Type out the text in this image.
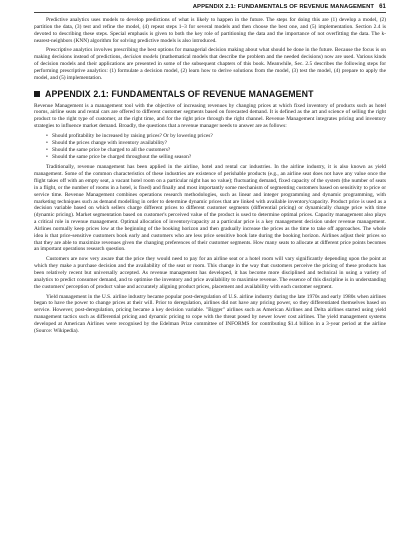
APPENDIX 2.1: FUNDAMENTALS OF REVENUE MANAGEMENT 61

Predictive analytics uses models to develop predictions of what is likely to happen in the future. The steps for doing this are (1) develop a model, (2) partition the data, (3) test and refine the model, (4) repeat steps 1–3 for several models and then choose the best one, and (5) implementation. Section 2.4 is devoted to describing these steps. Special emphasis is given to both the key role of partitioning the data and the importance of not overfitting the data. The k-nearest-neighbors (KNN) algorithm for solving predictive models is also introduced.

Prescriptive analytics involves prescribing the best options for managerial decision making about what should be done in the future. Because the focus is on making decisions instead of predictions, decision models (mathematical models that describe the problem and the needed decisions) now are used. Various kinds of decision models and their applications are presented in some of the subsequent chapters of this book. Meanwhile, Sec. 2.5 describes the following steps for performing prescriptive analytics: (1) formulate a decision model, (2) learn how to derive solutions from the model, (3) test the model, (4) prepare to apply the model, and (5) implementation.

APPENDIX 2.1: FUNDAMENTALS OF REVENUE MANAGEMENT

Revenue Management is a management tool with the objective of increasing revenues by changing prices at which fixed inventory of products such as hotel rooms, airline seats and rental cars are offered to different customer segments based on forecasted demand. It is defined as the art and science of selling the right product to the right type of customer, at the right time, and for the right price through the right channel. Revenue Management integrates pricing and inventory strategies to influence market demand. Broadly, the questions that a revenue manager needs to answer are as follows:

• Should profitability be increased by raising prices? Or by lowering prices?
• Should the prices change with inventory availability?
• Should the same price be charged to all the customers?
• Should the same price be charged throughout the selling season?

Traditionally, revenue management has been applied in the airline, hotel and rental car industries. In the airline industry, it is also known as yield management. Some of the common characteristics of these industries are existence of perishable products (e.g., an airline seat does not have any value once the flight takes off with an empty seat, a vacant hotel room on a particular night has no value); fluctuating demand, fixed capacity of the system (the number of seats in a flight, or the number of rooms in a hotel, is fixed) and finally and most importantly some mechanism of segmenting customers based on sensitivity to price or service time. Revenue Management combines operations research methodologies, such as linear and integer programming and dynamic programming, with marketing techniques such as demand modelling in order to determine dynamic prices that are linked with available inventory/capacity. Product price is used as a decision variable based on which sellers charge different prices to different customer segments (differential pricing) or dynamically change price with time (dynamic pricing). Market segmentation based on customer's perceived value of the product is used to determine optimal prices. Capacity management also plays a critical role in revenue management. Optimal allocation of inventory/capacity at a particular price is a key management decision under revenue management. Airlines normally keep prices low at the beginning of the booking horizon and then gradually increase the prices as the time to take off approaches. The whole idea is that price-sensitive customers book early and customers who are less price sensitive book late during the booking horizon. Airlines adjust their prices so that they are able to maximize revenues given the changing preferences of their customer segments. How many seats to allocate at different price points becomes an important operations research question.

Customers are now very aware that the price they would need to pay for an airline seat or a hotel room will vary significantly depending upon the point at which they make a purchase decision and the availability of the seat or room. This change in the way that customers perceive the pricing of these products has been relatively recent but universally accepted. As revenue management has developed, it has become more disciplined and technical in using a variety of analytics to predict consumer demand, and to optimise the inventory and price availability to maximise revenue. The essence of this discipline is in understanding the customers' perception of product value and accurately aligning product prices, placement and availability with each customer segment.

Yield management in the U.S. airline industry became popular post-deregulation of U.S. airline industry during the late 1970s and early 1980s when airlines began to have the power to change prices at their will. Prior to deregulation, airlines did not have any pricing power, so they differentiated themselves based on service. However, post-deregulation, pricing became a key decision variable. "Bigger" airlines such as American Airlines and Delta airlines started using yield management tactics such as differential pricing and dynamic pricing to cope with the threat posed by newer lower cost airlines. The yield management systems developed at American Airlines were recognised by the Edelman Prize committee of INFORMS for contributing $1.4 billion in a 3-year period at the airline (Source: Wikipedia).
